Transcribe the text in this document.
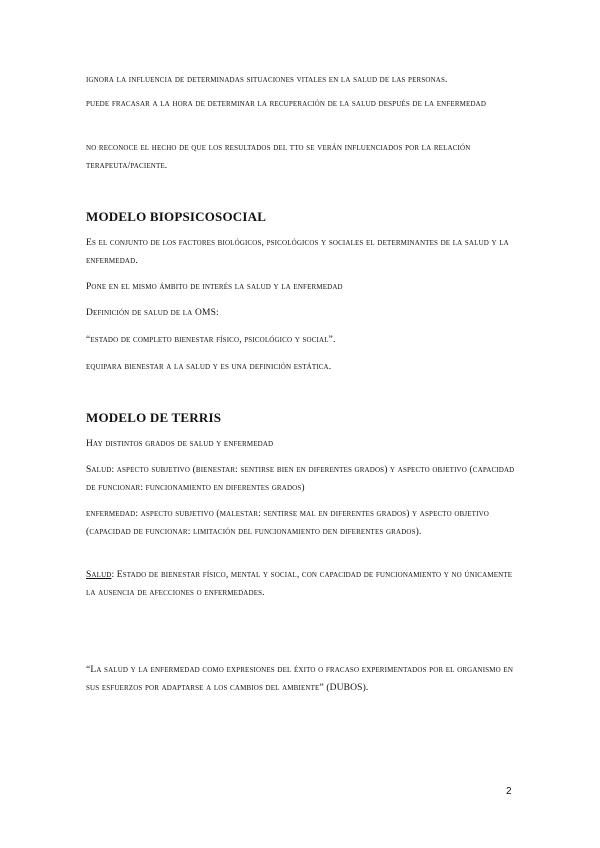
ignora la influencia de determinadas situaciones vitales en la salud de las personas.

puede fracasar a la hora de determinar la recuperación de la salud después de la enfermedad

no reconoce el hecho de que los resultados del tto se verán influenciados por la relación terapeuta/paciente.

MODELO BIOPSICOSOCIAL

Es el conjunto de los factores biológicos, psicológicos y sociales el determinantes de la salud y la enfermedad.

Pone en el mismo ámbito de interés la salud y la enfermedad

Definición de salud de la OMS:

“estado de completo bienestar físico, psicológico y social”.

equipara bienestar a la salud y es una definición estática.

MODELO DE TERRIS

Hay distintos grados de salud y enfermedad

Salud: aspecto subjetivo (bienestar: sentirse bien en diferentes grados) y aspecto objetivo (capacidad de funcionar: funcionamiento en diferentes grados)

enfermedad: aspecto subjetivo (malestar: sentirse mal en diferentes grados) y aspecto objetivo (capacidad de funcionar: limitación del funcionamiento den diferentes grados).

Salud: Estado de bienestar físico, mental y social, con capacidad de funcionamiento y no únicamente la ausencia de afecciones o enfermedades.

“La salud y la enfermedad como expresiones del éxito o fracaso experimentados por el organismo en sus esfuerzos por adaptarse a los cambios del ambiente” (DUBOS).

2
